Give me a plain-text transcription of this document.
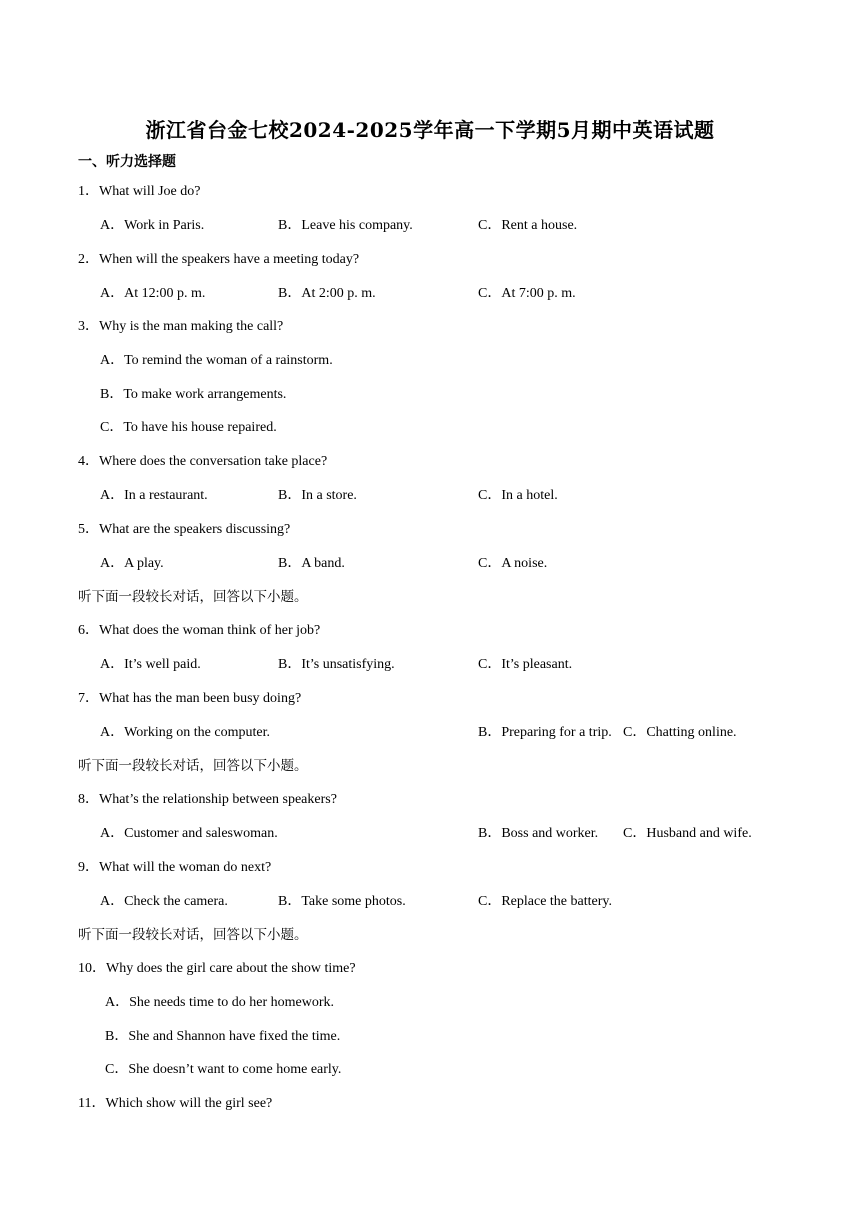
浙江省台金七校2024-2025学年高一下学期5月期中英语试题
一、听力选择题
1．What will Joe do?
A．Work in Paris.	B．Leave his company.	C．Rent a house.
2．When will the speakers have a meeting today?
A．At 12:00 p. m.	B．At 2:00 p. m.	C．At 7:00 p. m.
3．Why is the man making the call?
A．To remind the woman of a rainstorm.
B．To make work arrangements.
C．To have his house repaired.
4．Where does the conversation take place?
A．In a restaurant.	B．In a store.	C．In a hotel.
5．What are the speakers discussing?
A．A play.	B．A band.	C．A noise.
听下面一段较长对话，回答以下小题。
6．What does the woman think of her job?
A．It’s well paid.	B．It’s unsatisfying.	C．It’s pleasant.
7．What has the man been busy doing?
A．Working on the computer.	B．Preparing for a trip. C．Chatting online.
听下面一段较长对话，回答以下小题。
8．What’s the relationship between speakers?
A．Customer and saleswoman.	B．Boss and worker. C．Husband and wife.
9．What will the woman do next?
A．Check the camera.	B．Take some photos.	C．Replace the battery.
听下面一段较长对话，回答以下小题。
10．Why does the girl care about the show time?
A．She needs time to do her homework.
B．She and Shannon have fixed the time.
C．She doesn’t want to come home early.
11．Which show will the girl see?
